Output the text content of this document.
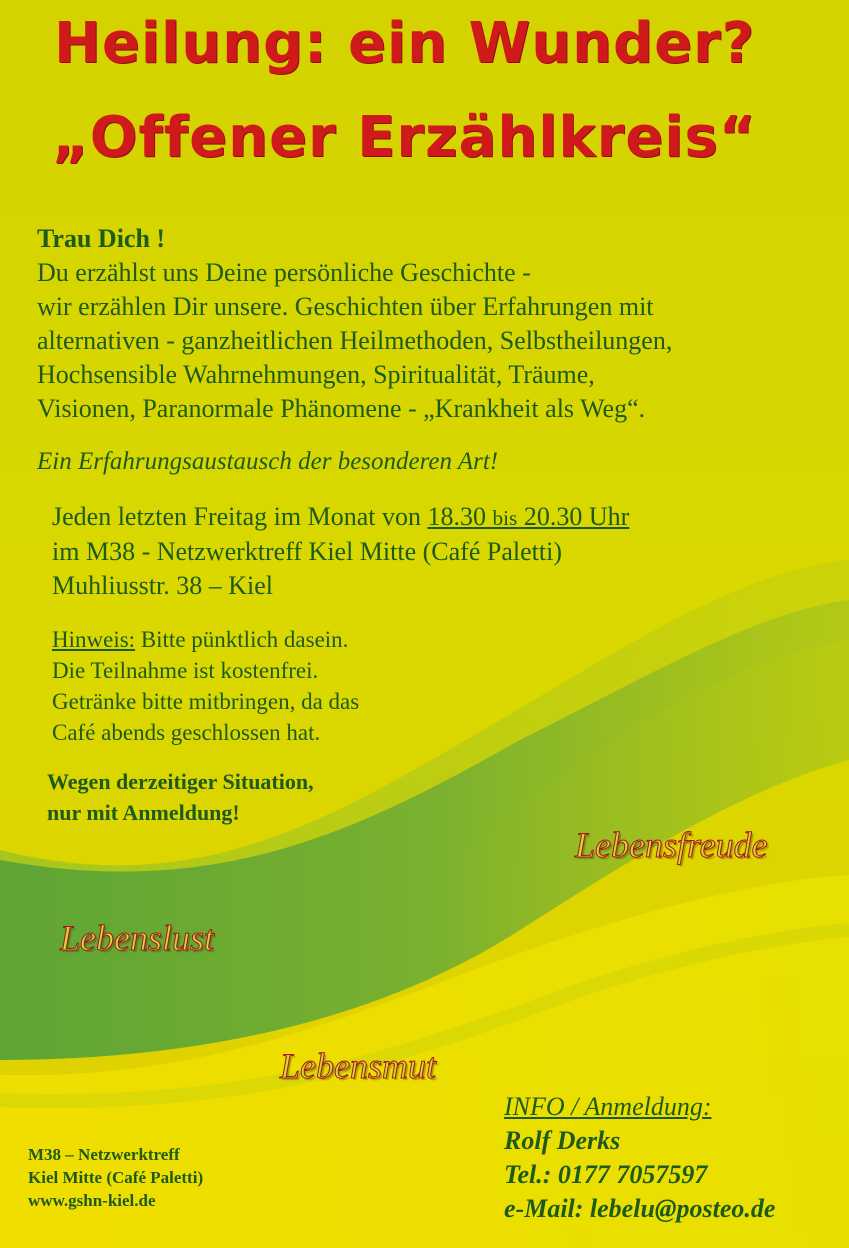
Heilung: ein Wunder?
„Offener Erzählkreis“
Trau Dich !
Du erzählst uns Deine persönliche Geschichte -
wir erzählen Dir unsere. Geschichten über Erfahrungen mit
alternativen - ganzheitlichen Heilmethoden, Selbstheilungen,
Hochsensible Wahrnehmungen, Spiritualität, Träume,
Visionen, Paranormale Phänomene - „Krankheit als Weg“.
Ein Erfahrungsaustausch der besonderen Art!
Jeden letzten Freitag im Monat von 18.30 bis 20.30 Uhr
im M38 - Netzwerktreff Kiel Mitte (Café Paletti)
Muhliusstr. 38 – Kiel
Hinweis: Bitte pünktlich dasein.
Die Teilnahme ist kostenfrei.
Getränke bitte mitbringen, da das
Café abends geschlossen hat.
Wegen derzeitiger Situation,
nur mit Anmeldung!
Lebensfreude
Lebenslust
Lebensmut
M38 – Netzwerktreff
Kiel Mitte (Café Paletti)
www.gshn-kiel.de
INFO / Anmeldung:
Rolf Derks
Tel.: 0177 7057597
e-Mail: lebelu@posteo.de
